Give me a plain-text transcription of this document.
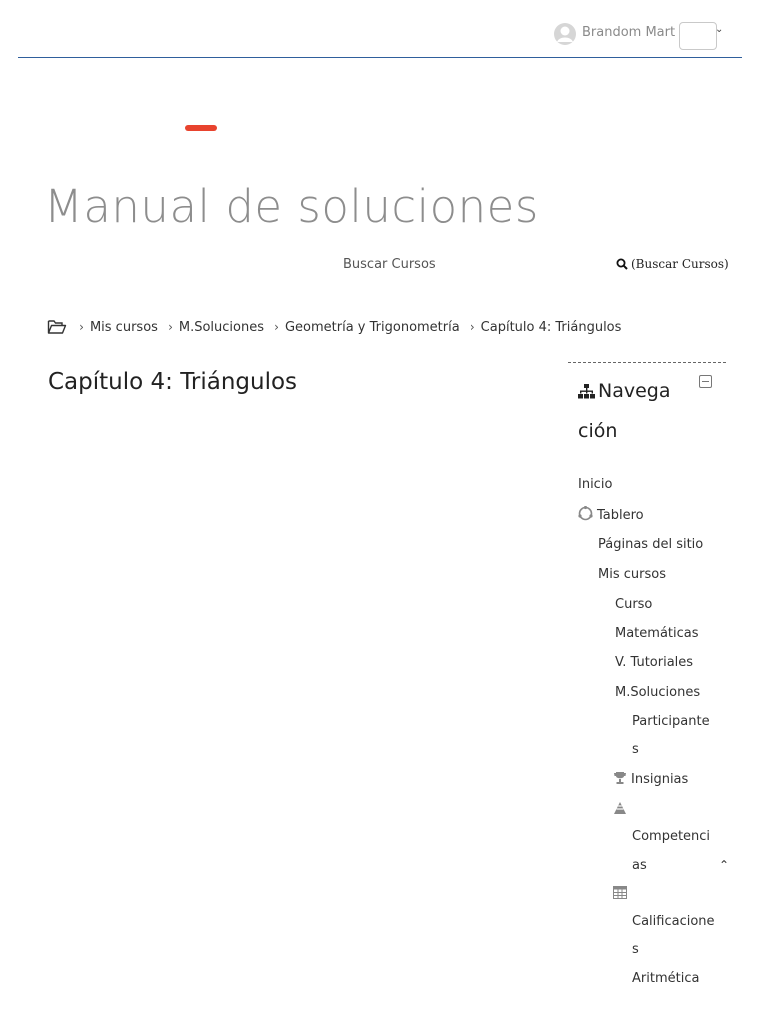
Brandom Mart	⌄
Manual de soluciones
Buscar Cursos	(Buscar Cursos)
› Mis cursos › M.Soluciones › Geometría y Trigonometría › Capítulo 4: Triángulos
Capítulo 4: Triángulos	Navega
ción
Inicio
Tablero
Páginas del sitio
Mis cursos
Curso
Matemáticas
V. Tutoriales
M.Soluciones
Participante
s
Insignias
Competenci
as	⌃
Calificacione
s
Aritmética
